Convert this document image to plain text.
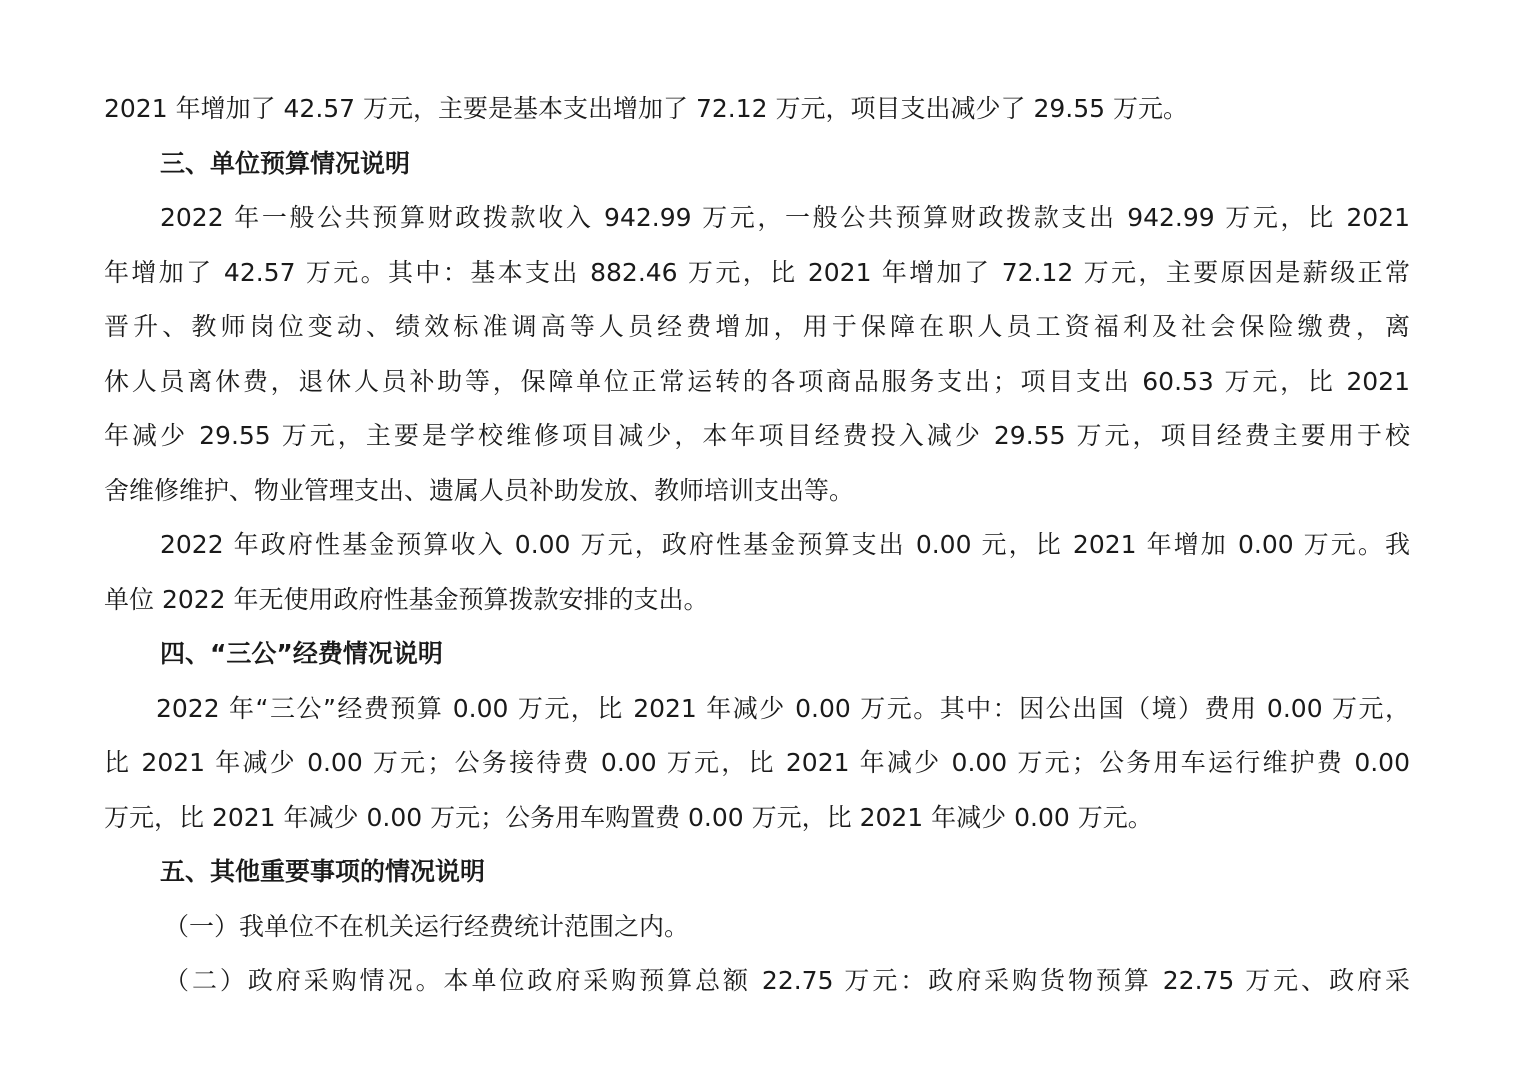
2021 年增加了 42.57 万元，主要是基本支出增加了 72.12 万元，项目支出减少了 29.55 万元。
三、单位预算情况说明
2022 年一般公共预算财政拨款收入 942.99 万元，一般公共预算财政拨款支出 942.99 万元，比 2021
年增加了 42.57 万元。其中：基本支出 882.46 万元，比 2021 年增加了 72.12 万元，主要原因是薪级正常
晋升、教师岗位变动、绩效标准调高等人员经费增加，用于保障在职人员工资福利及社会保险缴费，离
休人员离休费，退休人员补助等，保障单位正常运转的各项商品服务支出；项目支出 60.53 万元，比 2021
年减少 29.55 万元，主要是学校维修项目减少，本年项目经费投入减少 29.55 万元，项目经费主要用于校
舍维修维护、物业管理支出、遗属人员补助发放、教师培训支出等。
2022 年政府性基金预算收入 0.00 万元，政府性基金预算支出 0.00 元，比 2021 年增加 0.00 万元。我
单位 2022 年无使用政府性基金预算拨款安排的支出。
四、“三公”经费情况说明
2022 年“三公”经费预算 0.00 万元，比 2021 年减少 0.00 万元。其中：因公出国（境）费用 0.00 万元，
比 2021 年减少 0.00 万元；公务接待费 0.00 万元，比 2021 年减少 0.00 万元；公务用车运行维护费 0.00
万元，比 2021 年减少 0.00 万元；公务用车购置费 0.00 万元，比 2021 年减少 0.00 万元。
五、其他重要事项的情况说明
（一）我单位不在机关运行经费统计范围之内。
（二）政府采购情况。本单位政府采购预算总额 22.75 万元：政府采购货物预算 22.75 万元、政府采
